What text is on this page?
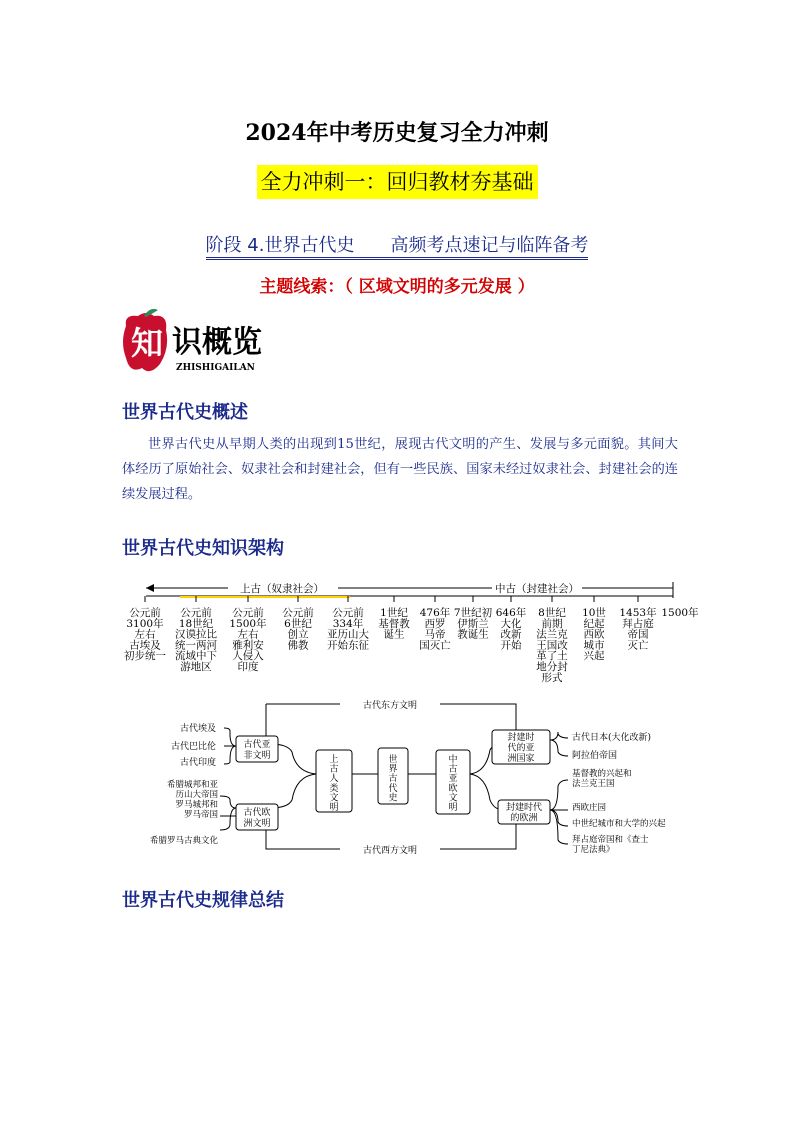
2024年中考历史复习全力冲刺
全力冲刺一：回归教材夯基础
阶段 4.世界古代史　　高频考点速记与临阵备考
主题线索：（ 区域文明的多元发展 ）
知 识概览
ZHISHIGAILAN
世界古代史概述
世界古代史从早期人类的出现到15世纪，展现古代文明的产生、发展与多元面貌。其间大体经历了原始社会、奴隶社会和封建社会，但有一些民族、国家未经过奴隶社会、封建社会的连续发展过程。
世界古代史知识架构
上古（奴隶社会）	中古（封建社会）
公元前
3100年
左右
古埃及
初步统一
公元前
18世纪
汉谟拉比
统一两河
流域中下
游地区
公元前
1500年
左右
雅利安
人侵入
印度
公元前
6世纪
创立
佛教
公元前
334年
亚历山大
开始东征
1世纪
基督教
诞生
476年
西罗
马帝
国灭亡
7世纪初
伊斯兰
教诞生
646年
大化
改新
开始
8世纪
前期
法兰克
王国改
革了土
地分封
形式
10世
纪起
西欧
城市
兴起
1453年
拜占庭
帝国
灭亡
1500年
古代东方文明
古代西方文明
上
古
人
类
文
明
世
界
古
代
史
中
古
亚
欧
文
明
古代亚
非文明
古代欧
洲文明
封建时
代的亚
洲国家
封建时代
的欧洲
古代埃及
古代巴比伦
古代印度
希腊城邦和亚
历山大帝国
罗马城邦和
罗马帝国
希腊罗马古典文化
古代日本(大化改新)
阿拉伯帝国
基督教的兴起和
法兰克王国
西欧庄园
中世纪城市和大学的兴起
拜占庭帝国和《查士
丁尼法典》
世界古代史规律总结
